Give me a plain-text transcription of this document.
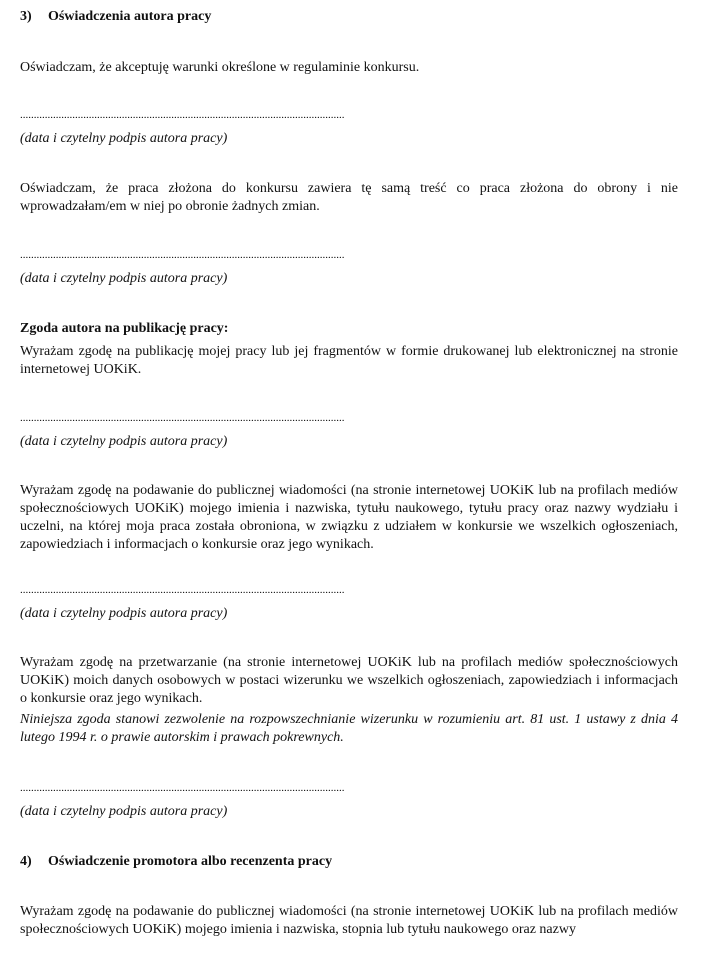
3) Oświadczenia autora pracy

Oświadczam, że akceptuję warunki określone w regulaminie konkursu.

......................................................................................................................
(data i czytelny podpis autora pracy)

Oświadczam, że praca złożona do konkursu zawiera tę samą treść co praca złożona do obrony i nie wprowadzałam/em w niej po obronie żadnych zmian.

......................................................................................................................
(data i czytelny podpis autora pracy)
Zgoda autora na publikację pracy:

Wyrażam zgodę na publikację mojej pracy lub jej fragmentów w formie drukowanej lub elektronicznej na stronie internetowej UOKiK.

......................................................................................................................
(data i czytelny podpis autora pracy)

Wyrażam zgodę na podawanie do publicznej wiadomości (na stronie internetowej UOKiK lub na profilach mediów społecznościowych UOKiK) mojego imienia i nazwiska, tytułu naukowego, tytułu pracy oraz nazwy wydziału i uczelni, na której moja praca została obroniona, w związku z udziałem w konkursie we wszelkich ogłoszeniach, zapowiedziach i informacjach o konkursie oraz jego wynikach.

......................................................................................................................
(data i czytelny podpis autora pracy)

Wyrażam zgodę na przetwarzanie (na stronie internetowej UOKiK lub na profilach mediów społecznościowych UOKiK) moich danych osobowych w postaci wizerunku we wszelkich ogłoszeniach, zapowiedziach i informacjach o konkursie oraz jego wynikach.

Niniejsza zgoda stanowi zezwolenie na rozpowszechnianie wizerunku w rozumieniu art. 81 ust. 1 ustawy z dnia 4 lutego 1994 r. o prawie autorskim i prawach pokrewnych.

......................................................................................................................
(data i czytelny podpis autora pracy)
4) Oświadczenie promotora albo recenzenta pracy

Wyrażam zgodę na podawanie do publicznej wiadomości (na stronie internetowej UOKiK lub na profilach mediów społecznościowych UOKiK) mojego imienia i nazwiska, stopnia lub tytułu naukowego oraz nazwy
